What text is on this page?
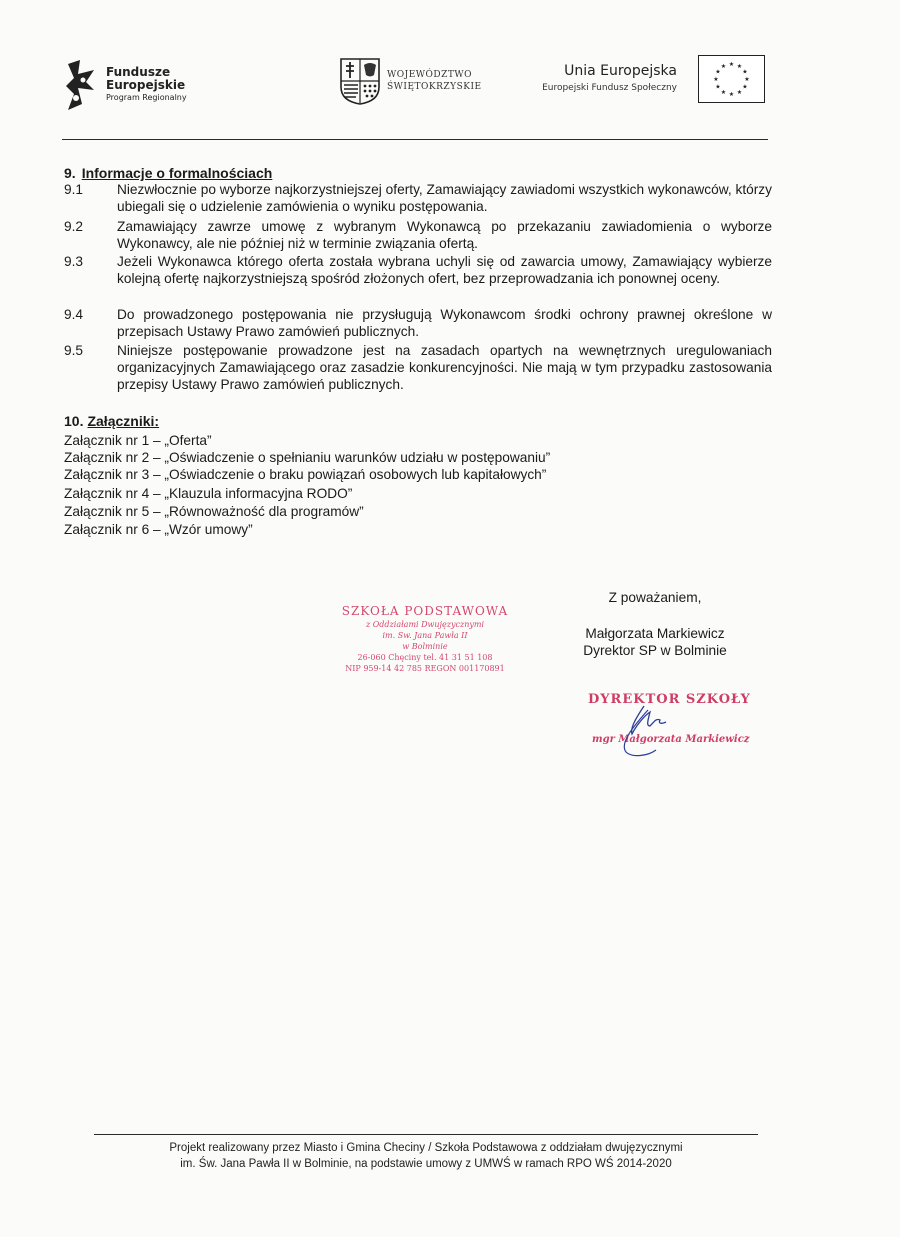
Fundusze
Europejskie
Program Regionalny
WOJEWÓDZTWO
ŚWIĘTOKRZYSKIE
Unia Europejska
Europejski Fundusz Społeczny
★ ★
★
★
★
★
★
★
★
★
★
★
9. Informacje o formalnościach
9.1	Niezwłocznie po wyborze najkorzystniejszej oferty, Zamawiający zawiadomi wszystkich wykonawców, którzy ubiegali się o udzielenie zamówienia o wyniku postępowania.
9.2	Zamawiający zawrze umowę z wybranym Wykonawcą po przekazaniu zawiadomienia o wyborze Wykonawcy, ale nie później niż w terminie związania ofertą.
9.3	Jeżeli Wykonawca którego oferta została wybrana uchyli się od zawarcia umowy, Zamawiający wybierze kolejną ofertę najkorzystniejszą spośród złożonych ofert, bez przeprowadzania ich ponownej oceny.
9.4	Do prowadzonego postępowania nie przysługują Wykonawcom środki ochrony prawnej określone w przepisach Ustawy Prawo zamówień publicznych.
9.5	Niniejsze postępowanie prowadzone jest na zasadach opartych na wewnętrznych uregulowaniach organizacyjnych Zamawiającego oraz zasadzie konkurencyjności. Nie mają w tym przypadku zastosowania przepisy Ustawy Prawo zamówień publicznych.
10. Załączniki:
Załącznik nr 1 – „Oferta”
Załącznik nr 2 – „Oświadczenie o spełnianiu warunków udziału w postępowaniu”
Załącznik nr 3 – „Oświadczenie o braku powiązań osobowych lub kapitałowych”
Załącznik nr 4 – „Klauzula informacyjna RODO”
Załącznik nr 5 – „Równoważność dla programów”
Załącznik nr 6 – „Wzór umowy”
Z poważaniem,
Małgorzata Markiewicz
Dyrektor SP w Bolminie
SZKOŁA PODSTAWOWA
z Oddziałami Dwujęzycznymi
im. Sw. Jana Pawła II
w Bolminie
26-060 Chęciny tel. 41 31 51 108
NIP 959-14 42 785 REGON 001170891
DYREKTOR SZKOŁY
mgr Małgorzata Markiewicz
Projekt realizowany przez Miasto i Gmina Checiny / Szkoła Podstawowa z oddziałam dwujęzycznymi
im. Św. Jana Pawła II w Bolminie, na podstawie umowy z UMWŚ w ramach RPO WŚ 2014-2020
